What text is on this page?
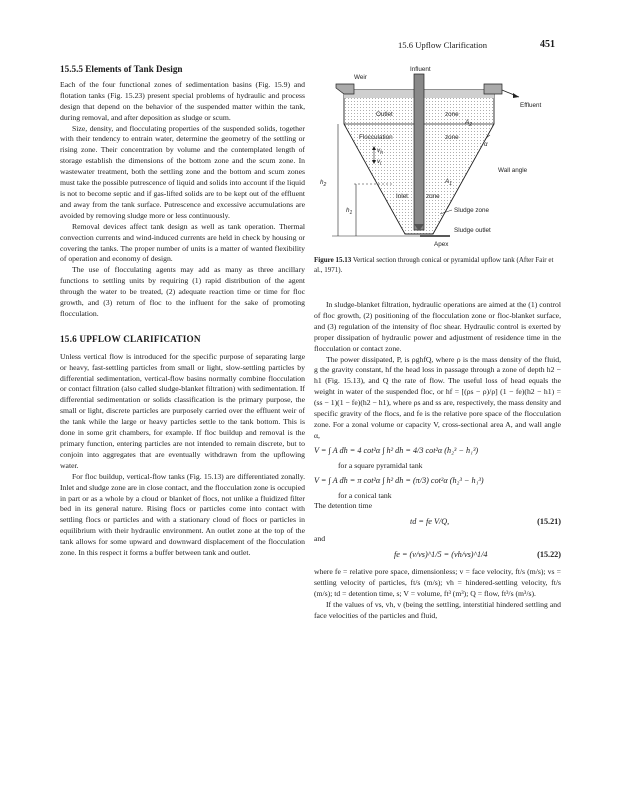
15.6 Upflow Clarification	451
15.5.5 Elements of Tank Design

Each of the four functional zones of sedimentation basins (Fig. 15.9) and flotation tanks (Fig. 15.23) present special problems of hydraulic and process design that depend on the behavior of the suspended matter within the tank, during removal, and after deposition as sludge or scum.

Size, density, and flocculating properties of the suspended solids, together with their tendency to entrain water, determine the geometry of the settling or rising zone. Their concentration by volume and the contemplated length of storage establish the dimensions of the bottom zone and the scum zone. In wastewater treatment, both the settling zone and the bottom and scum zones must take the possible putrescence of liquid and solids into account if the liquid is not to become septic and if gas-lifted solids are to be kept out of the effluent and away from the tank surface. Putrescence and excessive accumulations are avoided by removing sludge more or less continuously.

Removal devices affect tank design as well as tank operation. Thermal convection currents and wind-induced currents are held in check by housing or covering the tanks. The proper number of units is a matter of wanted flexibility of operation and economy of design.

The use of flocculating agents may add as many as three ancillary functions to settling units by requiring (1) rapid distribution of the agent through the water to be treated, (2) adequate reaction time or time for floc growth, and (3) return of floc to the influent for the sake of promoting flocculation.

15.6 UPFLOW CLARIFICATION

Unless vertical flow is introduced for the specific purpose of separating large or heavy, fast-settling particles from small or light, slow-settling particles by differential sedimentation, vertical-flow basins normally combine flocculation or contact filtration (also called sludge-blanket filtration) with sedimentation. If differential sedimentation or solids classification is the primary purpose, the small or light, discrete particles are purposely carried over the effluent weir of the tank while the large or heavy particles settle to the tank bottom. This is done in some grit chambers, for example. If floc buildup and removal is the primary function, entering particles are not intended to remain discrete, but to conjoin into aggregates that are eventually withdrawn from the upflowing water.

For floc buildup, vertical-flow tanks (Fig. 15.13) are differentiated zonally. Inlet and sludge zone are in close contact, and the flocculation zone is occupied in part or as a whole by a cloud or blanket of flocs, not unlike a fluidized filter bed in its general nature. Rising flocs or particles come into contact with settling flocs or particles and with a stationary cloud of flocs or particles in equilibrium with their hydraulic environment. An outlet zone at the top of the tank allows for some upward and downward displacement of the flocculation zone. In this respect it forms a buffer between tank and outlet.

Influent
Weir
Effluent
Outlet	zone
$A_2$
Flocculation	zone
$v_h$
$v_i$
Wall angle
α
$h_2$	$A_1$
Inlet	zone
$h_1$	Sludge zone
Sludge outlet
Apex
Figure 15.13 Vertical section through conical or pyramidal upflow tank (After Fair et al., 1971).

In sludge-blanket filtration, hydraulic operations are aimed at the (1) control of floc growth, (2) positioning of the flocculation zone or floc-blanket surface, and (3) regulation of the intensity of floc shear. Hydraulic control is exerted by proper dissipation of hydraulic power and adjustment of residence time in the flocculation or contact zone.

The power dissipated, P, is ρghfQ, where ρ is the mass density of the fluid, g the gravity constant, hf the head loss in passage through a zone of depth h2 − h1 (Fig. 15.13), and Q the rate of flow. The useful loss of head equals the weight in water of the suspended floc, or hf = [(ρs − ρ)/ρ] (1 − fe)(h2 − h1) = (ss − 1)(1 − fe)(h2 − h1), where ρs and ss are, respectively, the mass density and specific gravity of the flocs, and fe is the relative pore space of the flocculation zone. For a zonal volume or capacity V, cross-sectional area A, and wall angle α,

V = ∫ A dh = 4 cot²α ∫ h² dh = 4/3 cot²α (h₂³ − h₁³)

for a square pyramidal tank

V = ∫ A dh = π cot²α ∫ h² dh = (π/3) cot²α (h₂³ − h₁³)

for a conical tank

The detention time

td = fe V/Q,	(15.21)

and

fe = (v/vs)^1/5 = (vh/vs)^1/4	(15.22)

where fe = relative pore space, dimensionless; v = face velocity, ft/s (m/s); vs = settling velocity of particles, ft/s (m/s); vh = hindered-settling velocity, ft/s (m/s); td = detention time, s; V = volume, ft³ (m³); Q = flow, ft³/s (m³/s).

If the values of vs, vh, v (being the settling, interstitial hindered settling and face velocities of the particles and fluid,
